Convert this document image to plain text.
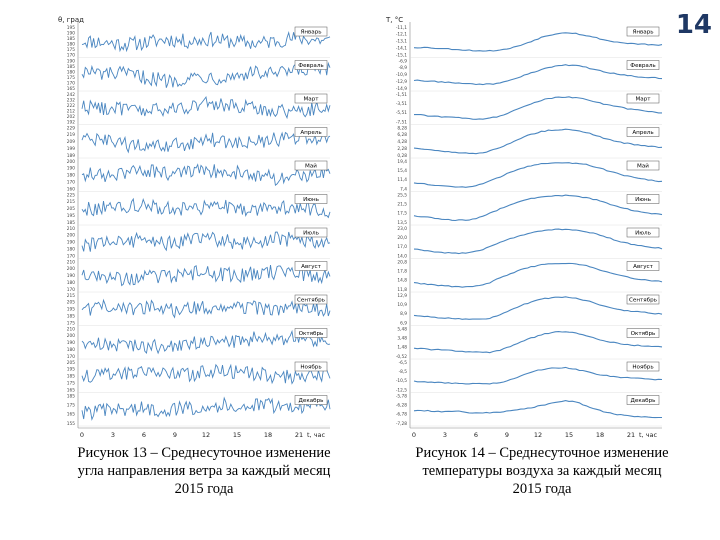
14
θ, град
195
190
185
180
175
170
Январь
190
185
180
175
170
165
Февраль
242
232
222
212
202
192
Март
229
219
209
199
189
Апрель
200
190
180
170
160
Май
225
215
205
195
185
Июнь
210
200
190
180
170
Июль
210
200
190
180
170
Август
215
205
195
185
175
Сентябрь
210
200
190
180
170
Октябрь
205
195
185
175
165
Ноябрь
185
175
165
155
Декабрь
0	3	6	9	12	15	18	21 t, час
T, °C
-11,1
-12,1
-13,1
-14,1
-15,1
Январь
-6,9
-8,9
-10,9
-12,9
-14,9
Февраль
-1,51
-3,51
-5,51
-7,51
Март
8,28
6,28
4,28
2,28
0,28
Апрель
19,4
15,4
11,4
7,4
Май
25,5
21,5
17,5
13,5
Июнь
23,0
20,0
17,0
14,0
Июль
20,8
17,8
14,8
11,8
Август
12,9
10,9
8,9
6,9
Сентябрь
5,48
3,48
1,48
-0,52
Октябрь
-6,5
-8,5
-10,5
-12,5
Ноябрь
-5,78
-6,28
-6,78
-7,28
Декабрь
0	3	6	9	12	15	18	21 t, час
Рисунок 13 – Среднесуточное изменение
угла направления ветра за каждый месяц
2015 года
Рисунок 14 – Среднесуточное изменение
температуры воздуха за каждый месяц
2015 года
